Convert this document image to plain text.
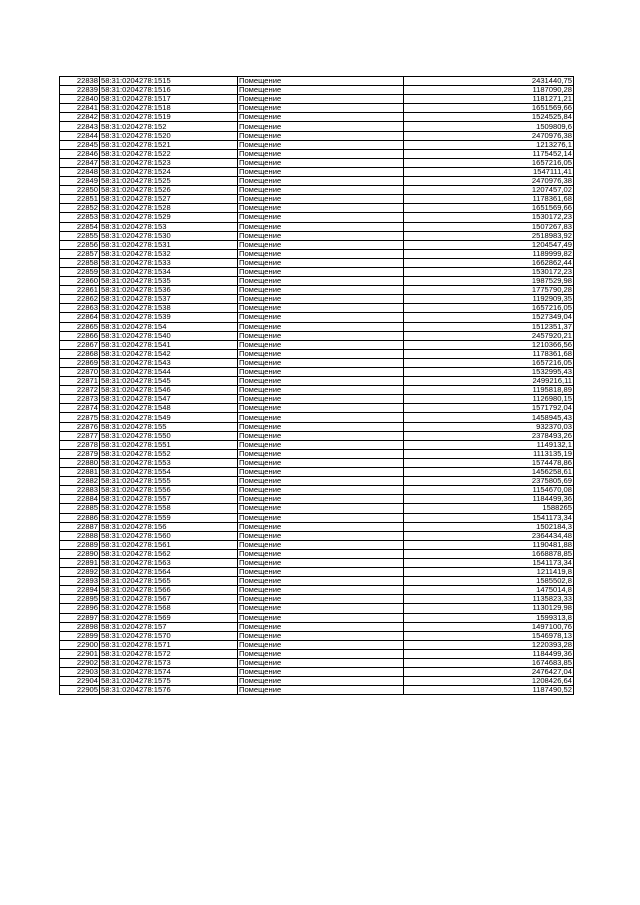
22838	58:31:0204278:1515	Помещение	2431440,75
22839	58:31:0204278:1516	Помещение	1187090,28
22840	58:31:0204278:1517	Помещение	1181271,21
22841	58:31:0204278:1518	Помещение	1651569,66
22842	58:31:0204278:1519	Помещение	1524525,84
22843	58:31:0204278:152	Помещение	1509809,6
22844	58:31:0204278:1520	Помещение	2470976,38
22845	58:31:0204278:1521	Помещение	1213276,1
22846	58:31:0204278:1522	Помещение	1175452,14
22847	58:31:0204278:1523	Помещение	1657216,05
22848	58:31:0204278:1524	Помещение	1547111,41
22849	58:31:0204278:1525	Помещение	2470976,38
22850	58:31:0204278:1526	Помещение	1207457,02
22851	58:31:0204278:1527	Помещение	1178361,68
22852	58:31:0204278:1528	Помещение	1651569,66
22853	58:31:0204278:1529	Помещение	1530172,23
22854	58:31:0204278:153	Помещение	1507267,83
22855	58:31:0204278:1530	Помещение	2518983,92
22856	58:31:0204278:1531	Помещение	1204547,49
22857	58:31:0204278:1532	Помещение	1189999,82
22858	58:31:0204278:1533	Помещение	1662862,44
22859	58:31:0204278:1534	Помещение	1530172,23
22860	58:31:0204278:1535	Помещение	1987529,98
22861	58:31:0204278:1536	Помещение	1775790,28
22862	58:31:0204278:1537	Помещение	1192909,35
22863	58:31:0204278:1538	Помещение	1657216,05
22864	58:31:0204278:1539	Помещение	1527349,04
22865	58:31:0204278:154	Помещение	1512351,37
22866	58:31:0204278:1540	Помещение	2457920,21
22867	58:31:0204278:1541	Помещение	1210366,56
22868	58:31:0204278:1542	Помещение	1178361,68
22869	58:31:0204278:1543	Помещение	1657216,05
22870	58:31:0204278:1544	Помещение	1532995,43
22871	58:31:0204278:1545	Помещение	2499216,11
22872	58:31:0204278:1546	Помещение	1195818,89
22873	58:31:0204278:1547	Помещение	1126980,15
22874	58:31:0204278:1548	Помещение	1571792,04
22875	58:31:0204278:1549	Помещение	1458945,43
22876	58:31:0204278:155	Помещение	932370,03
22877	58:31:0204278:1550	Помещение	2378493,26
22878	58:31:0204278:1551	Помещение	1149132,1
22879	58:31:0204278:1552	Помещение	1113135,19
22880	58:31:0204278:1553	Помещение	1574478,86
22881	58:31:0204278:1554	Помещение	1456258,61
22882	58:31:0204278:1555	Помещение	2375805,69
22883	58:31:0204278:1556	Помещение	1154670,08
22884	58:31:0204278:1557	Помещение	1184499,36
22885	58:31:0204278:1558	Помещение	1588265
22886	58:31:0204278:1559	Помещение	1541173,34
22887	58:31:0204278:156	Помещение	1502184,3
22888	58:31:0204278:1560	Помещение	2364434,48
22889	58:31:0204278:1561	Помещение	1190481,88
22890	58:31:0204278:1562	Помещение	1668878,85
22891	58:31:0204278:1563	Помещение	1541173,34
22892	58:31:0204278:1564	Помещение	1211419,8
22893	58:31:0204278:1565	Помещение	1585502,8
22894	58:31:0204278:1566	Помещение	1475014,8
22895	58:31:0204278:1567	Помещение	1135823,33
22896	58:31:0204278:1568	Помещение	1130129,98
22897	58:31:0204278:1569	Помещение	1599313,8
22898	58:31:0204278:157	Помещение	1497100,76
22899	58:31:0204278:1570	Помещение	1546978,13
22900	58:31:0204278:1571	Помещение	1220393,28
22901	58:31:0204278:1572	Помещение	1184499,36
22902	58:31:0204278:1573	Помещение	1674683,85
22903	58:31:0204278:1574	Помещение	2476427,04
22904	58:31:0204278:1575	Помещение	1208426,64
22905	58:31:0204278:1576	Помещение	1187490,52
